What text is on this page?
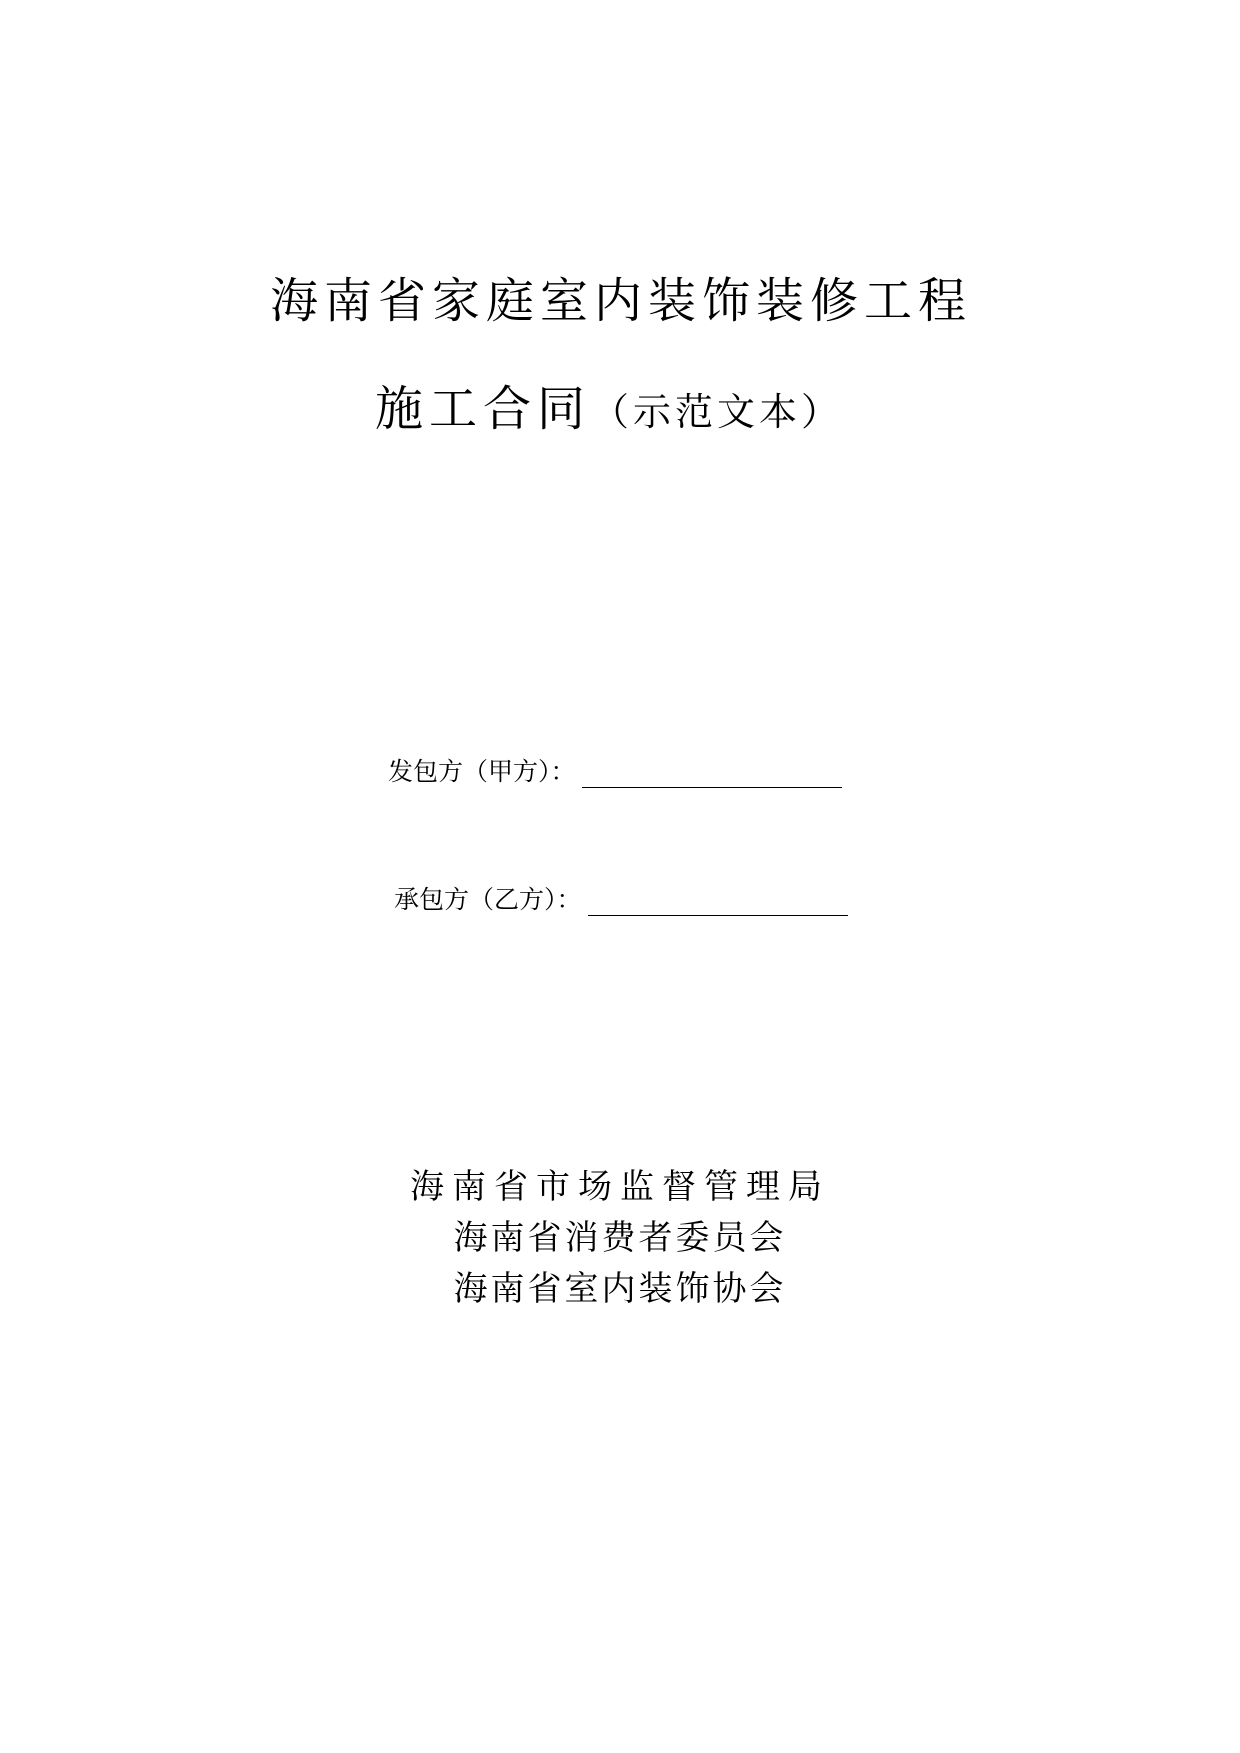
海南省家庭室内装饰装修工程
施工合同（示范文本）
发包方（甲方）：
承包方（乙方）：
海南省市场监督管理局
海南省消费者委员会
海南省室内装饰协会
